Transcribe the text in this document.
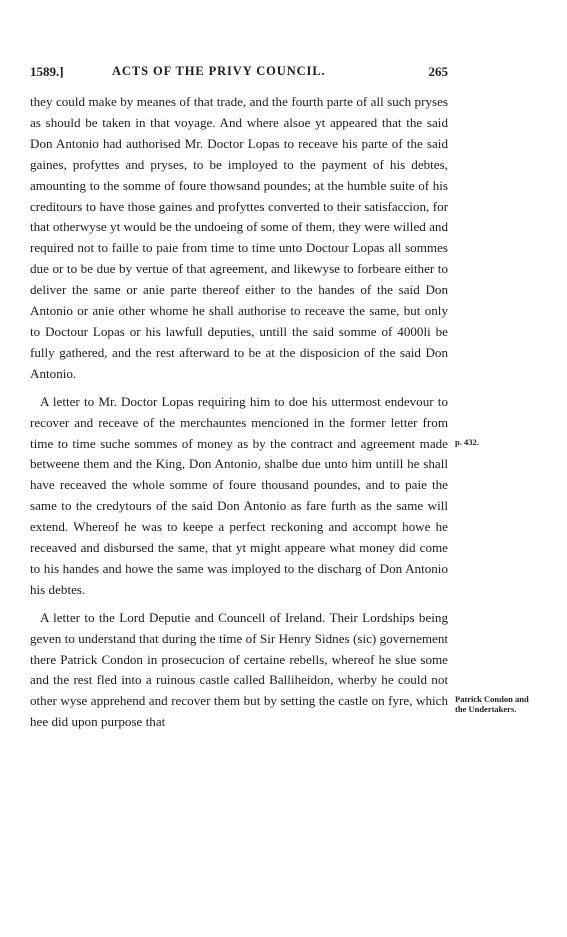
1589.]	ACTS OF THE PRIVY COUNCIL.	265

they could make by meanes of that trade, and the fourth parte of all such pryses as should be taken in that voyage. And where alsoe yt appeared that the said Don Antonio had authorised Mr. Doctor Lopas to receave his parte of the said gaines, profyttes and pryses, to be imployed to the payment of his debtes, amounting to the somme of foure thowsand poundes; at the humble suite of his creditours to have those gaines and profyttes converted to their satisfaccion, for that otherwyse yt would be the undoeing of some of them, they were willed and required not to faille to paie from time to time unto Doctour Lopas all sommes due or to be due by vertue of that agreement, and likewyse to forbeare either to deliver the same or anie parte thereof either to the handes of the said Don Antonio or anie other whome he shall authorise to receave the same, but only to Doctour Lopas or his lawfull deputies, untill the said somme of 4000li be fully gathered, and the rest afterward to be at the disposicion of the said Don Antonio.

A letter to Mr. Doctor Lopas requiring him to doe his uttermost endevour to recover and receave of the merchauntes mencioned in the former letter from time to time suche sommes of money as by the contract and agreement made betweene them and the King, Don Antonio, shalbe due unto him untill he shall have receaved the whole somme of foure thousand poundes, and to paie the same to the credytours of the said Don Antonio as fare furth as the same will extend. Whereof he was to keepe a perfect reckoning and accompt howe he receaved and disbursed the same, that yt might appeare what money did come to his handes and howe the same was imployed to the discharg of Don Antonio his debtes.

A letter to the Lord Deputie and Councell of Ireland. Their Lordships being geven to understand that during the time of Sir Henry Sidnes (sic) governement there Patrick Condon in prosecucion of certaine rebells, whereof he slue some and the rest fled into a ruinous castle called Balliheidon, wherby he could not other wyse apprehend and recover them but by setting the castle on fyre, which hee did upon purpose that

p. 432.
Patrick Condon and the Undertakers.
